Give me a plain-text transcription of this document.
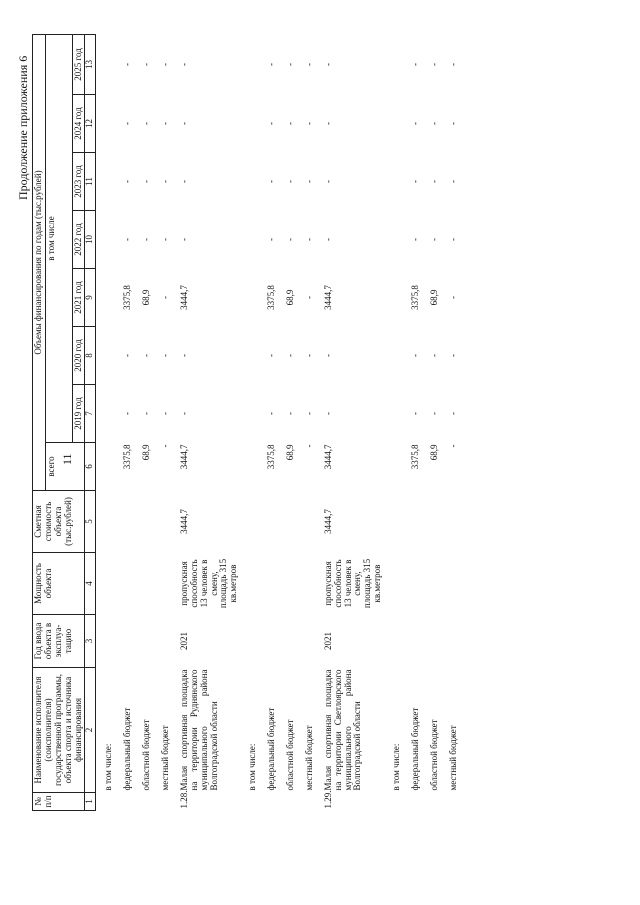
11
Продолжение приложения 6
№ п/п	Наименование исполнителя (соисполнителя) государственной программы, объекта спорта и источника финансирования	Год ввода объекта в эксплуа-тацию	Мощность объекта	Сметная стоимость объекта (тыс.рублей)	Объемы финансирования по годам (тыс.рублей)							
					всего	в том числе						
						2019 год	2020 год	2021 год	2022 год	2023 год	2024 год	2025 год
1	2	3	4	5	6	7	8	9	10	11	12	13
	в том числе:											
	федеральный бюджет				3375,8	-	-	3375,8	-	-	-	-
	областной бюджет				68,9	-	-	68,9	-	-	-	-
	местный бюджет				-	-	-	-	-	-	-	-
1.28.	Малая спортивная площадка на территории Руднянского муниципального района Волгоградской области	2021	пропускная способность 13 человек в смену, площадь 315 кв.метров	3444,7	3444,7	-	-	3444,7	-	-	-	-
	в том числе:											
	федеральный бюджет				3375,8	-	-	3375,8	-	-	-	-
	областной бюджет				68,9	-	-	68,9	-	-	-	-
	местный бюджет				-	-	-	-	-	-	-	-
1.29.	Малая спортивная площадка на территории Светлоярского муниципального района Волгоградской области	2021	пропускная способность 13 человек в смену, площадь 315 кв.метров	3444,7	3444,7	-	-	3444,7	-	-	-	-
	в том числе:											
	федеральный бюджет				3375,8	-	-	3375,8	-	-	-	-
	областной бюджет				68,9	-	-	68,9	-	-	-	-
	местный бюджет				-	-	-	-	-	-	-	-
